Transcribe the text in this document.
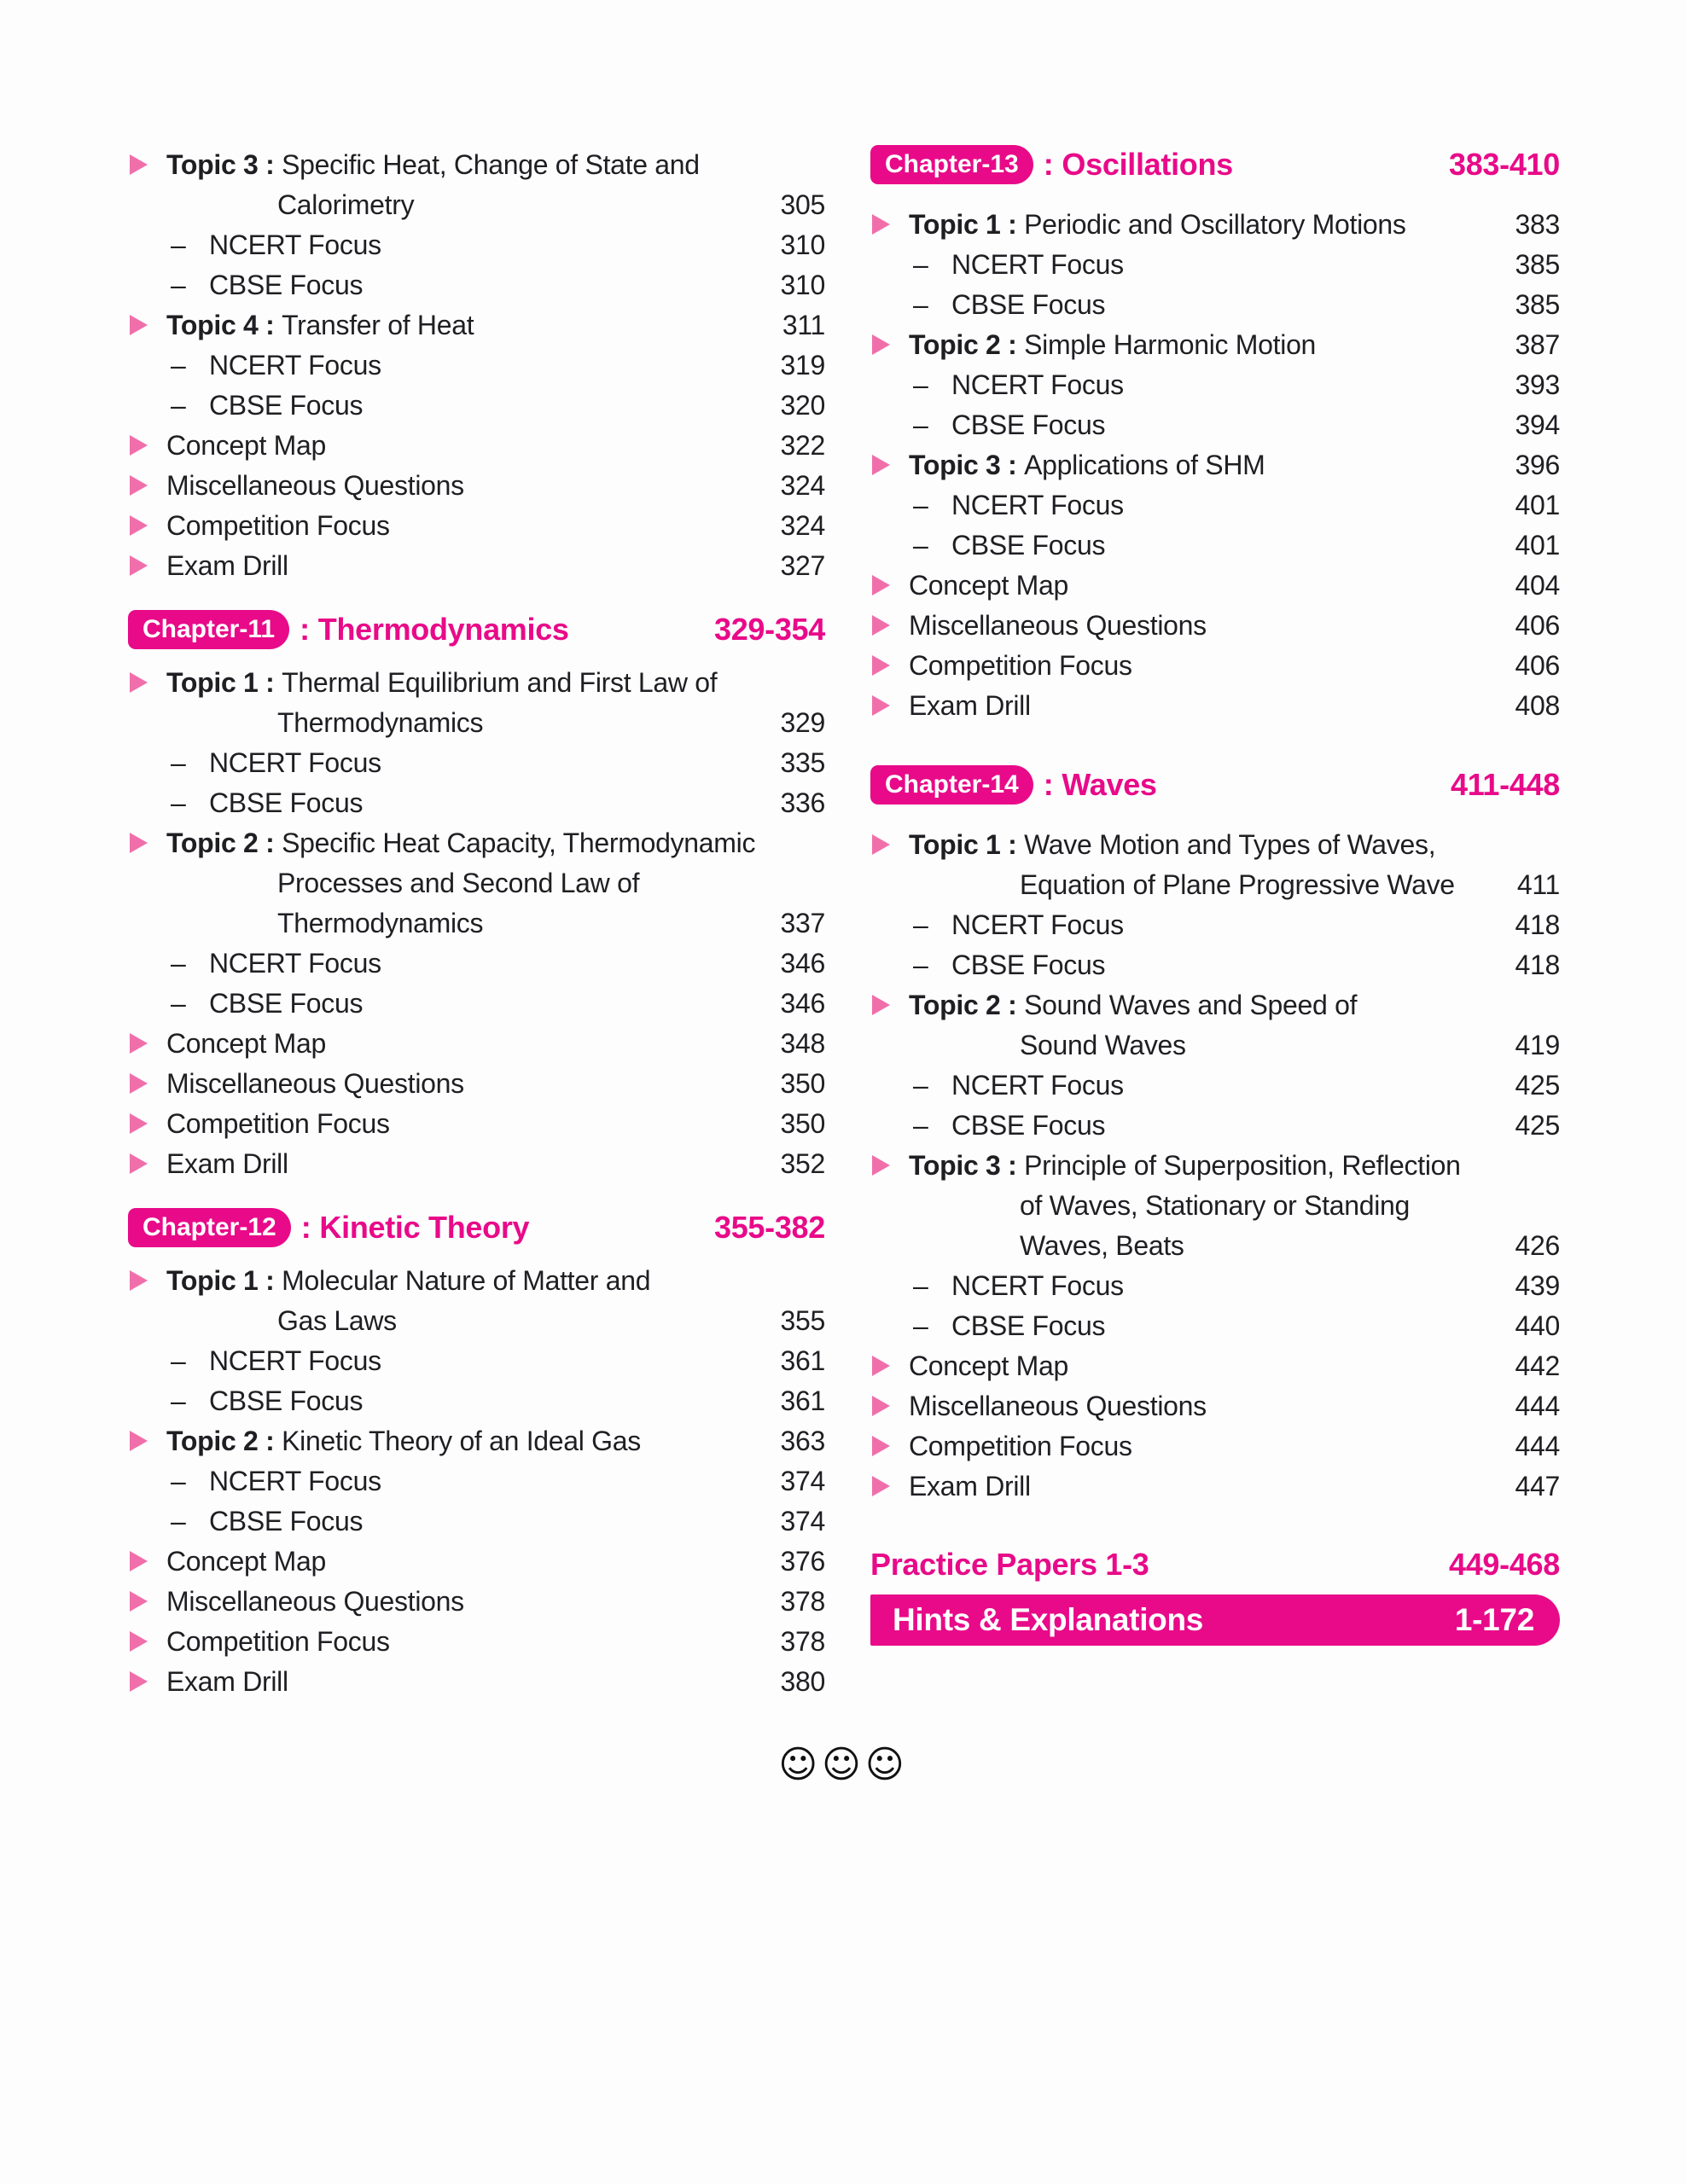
Topic 3 : Specific Heat, Change of State and
Calorimetry	305
– NCERT Focus	310
– CBSE Focus	310
Topic 4 : Transfer of Heat	311
– NCERT Focus	319
– CBSE Focus	320
Concept Map	322
Miscellaneous Questions	324
Competition Focus	324
Exam Drill	327
Chapter-11 : Thermodynamics	329-354
Topic 1 : Thermal Equilibrium and First Law of
Thermodynamics	329
– NCERT Focus	335
– CBSE Focus	336
Topic 2 : Specific Heat Capacity, Thermodynamic
Processes and Second Law of
Thermodynamics	337
– NCERT Focus	346
– CBSE Focus	346
Concept Map	348
Miscellaneous Questions	350
Competition Focus	350
Exam Drill	352
Chapter-12 : Kinetic Theory	355-382
Topic 1 : Molecular Nature of Matter and
Gas Laws	355
– NCERT Focus	361
– CBSE Focus	361
Topic 2 : Kinetic Theory of an Ideal Gas	363
– NCERT Focus	374
– CBSE Focus	374
Concept Map	376
Miscellaneous Questions	378
Competition Focus	378
Exam Drill	380
Chapter-13 : Oscillations	383-410
Topic 1 : Periodic and Oscillatory Motions	383
– NCERT Focus	385
– CBSE Focus	385
Topic 2 : Simple Harmonic Motion	387
– NCERT Focus	393
– CBSE Focus	394
Topic 3 : Applications of SHM	396
– NCERT Focus	401
– CBSE Focus	401
Concept Map	404
Miscellaneous Questions	406
Competition Focus	406
Exam Drill	408
Chapter-14 : Waves	411-448
Topic 1 : Wave Motion and Types of Waves,
Equation of Plane Progressive Wave 411
– NCERT Focus	418
– CBSE Focus	418
Topic 2 : Sound Waves and Speed of
Sound Waves	419
– NCERT Focus	425
– CBSE Focus	425
Topic 3 : Principle of Superposition, Reflection
of Waves, Stationary or Standing
Waves, Beats	426
– NCERT Focus	439
– CBSE Focus	440
Concept Map	442
Miscellaneous Questions	444
Competition Focus	444
Exam Drill	447
Practice Papers 1-3	449-468
Hints & Explanations	1-172
☺☺☺
